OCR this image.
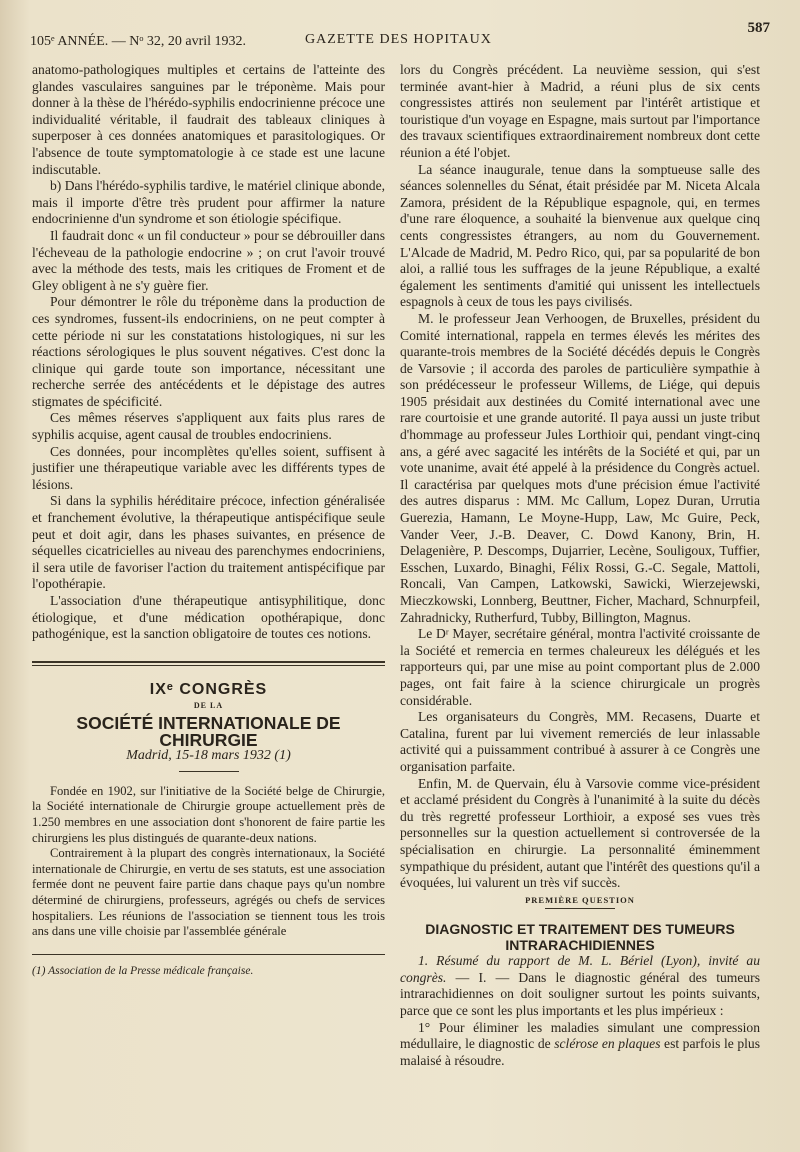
105ᵉ ANNÉE. — Nᵒ 32, 20 avril 1932.	GAZETTE DES HOPITAUX
587

anatomo-pathologiques multiples et certains de l'atteinte des glandes vasculaires sanguines par le tréponème. Mais pour donner à la thèse de l'hérédo-syphilis endocrinienne précoce une individualité véritable, il faudrait des tableaux cliniques à superposer à ces données anatomiques et parasitologiques. Or l'absence de toute symptomatologie à ce stade est une lacune indiscutable.

b) Dans l'hérédo-syphilis tardive, le matériel clinique abonde, mais il importe d'être très prudent pour affirmer la nature endocrinienne d'un syndrome et son étiologie spécifique.

Il faudrait donc « un fil conducteur » pour se débrouiller dans l'écheveau de la pathologie endocrine » ; on crut l'avoir trouvé avec la méthode des tests, mais les critiques de Froment et de Gley obligent à ne s'y guère fier.

Pour démontrer le rôle du tréponème dans la production de ces syndromes, fussent-ils endocriniens, on ne peut compter à cette période ni sur les constatations histologiques, ni sur les réactions sérologiques le plus souvent négatives. C'est donc la clinique qui garde toute son importance, nécessitant une recherche serrée des antécédents et le dépistage des autres stigmates de spécificité.

Ces mêmes réserves s'appliquent aux faits plus rares de syphilis acquise, agent causal de troubles endocriniens.

Ces données, pour incomplètes qu'elles soient, suffisent à justifier une thérapeutique variable avec les différents types de lésions.

Si dans la syphilis héréditaire précoce, infection généralisée et franchement évolutive, la thérapeutique antispécifique seule peut et doit agir, dans les phases suivantes, en présence de séquelles cicatricielles au niveau des parenchymes endocriniens, il sera utile de favoriser l'action du traitement antispécifique par l'opothérapie.

L'association d'une thérapeutique antisyphilitique, donc étiologique, et d'une médication opothérapique, donc pathogénique, est la sanction obligatoire de toutes ces notions.

IXᵉ CONGRÈS

DE LA

SOCIÉTÉ INTERNATIONALE DE CHIRURGIE

Madrid, 15-18 mars 1932 (1)

Fondée en 1902, sur l'initiative de la Société belge de Chirurgie, la Société internationale de Chirurgie groupe actuellement près de 1.250 membres en une association dont s'honorent de faire partie les chirurgiens les plus distingués de quarante-deux nations.

Contrairement à la plupart des congrès internationaux, la Société internationale de Chirurgie, en vertu de ses statuts, est une association fermée dont ne peuvent faire partie dans chaque pays qu'un nombre déterminé de chirurgiens, professeurs, agrégés ou chefs de services hospitaliers. Les réunions de l'association se tiennent tous les trois ans dans une ville choisie par l'assemblée générale

(1) Association de la Presse médicale française.

lors du Congrès précédent. La neuvième session, qui s'est terminée avant-hier à Madrid, a réuni plus de six cents congressistes attirés non seulement par l'intérêt artistique et touristique d'un voyage en Espagne, mais surtout par l'importance des travaux scientifiques extraordinairement nombreux dont cette réunion a été l'objet.

La séance inaugurale, tenue dans la somptueuse salle des séances solennelles du Sénat, était présidée par M. Niceta Alcala Zamora, président de la République espagnole, qui, en termes d'une rare éloquence, a souhaité la bienvenue aux quelque cinq cents congressistes étrangers, au nom du Gouvernement. L'Alcade de Madrid, M. Pedro Rico, qui, par sa popularité de bon aloi, a rallié tous les suffrages de la jeune République, a exalté également les sentiments d'amitié qui unissent les intellectuels espagnols à ceux de tous les pays civilisés.

M. le professeur Jean Verhoogen, de Bruxelles, président du Comité international, rappela en termes élevés les mérites des quarante-trois membres de la Société décédés depuis le Congrès de Varsovie ; il accorda des paroles de particulière sympathie à son prédécesseur le professeur Willems, de Liége, qui depuis 1905 présidait aux destinées du Comité international avec une rare courtoisie et une grande autorité. Il paya aussi un juste tribut d'hommage au professeur Jules Lorthioir qui, pendant vingt-cinq ans, a géré avec sagacité les intérêts de la Société et qui, par un vote unanime, avait été appelé à la présidence du Congrès actuel. Il caractérisa par quelques mots d'une précision émue l'activité des autres disparus : MM. Mc Callum, Lopez Duran, Urrutia Guerezia, Hamann, Le Moyne-Hupp, Law, Mc Guire, Peck, Vander Veer, J.-B. Deaver, C. Dowd Kanony, Brin, H. Delagenière, P. Descomps, Dujarrier, Lecène, Souligoux, Tuffier, Esschen, Luxardo, Binaghi, Félix Rossi, G.-C. Segale, Mattoli, Roncali, Van Campen, Latkowski, Sawicki, Wierzejewski, Mieczkowski, Lonnberg, Beuttner, Ficher, Machard, Schnurpfeil, Zahradnicky, Rutherfurd, Tubby, Billington, Magnus.

Le Dʳ Mayer, secrétaire général, montra l'activité croissante de la Société et remercia en termes chaleureux les délégués et les rapporteurs qui, par une mise au point comportant plus de 2.000 pages, ont fait faire à la science chirurgicale un progrès considérable.

Les organisateurs du Congrès, MM. Recasens, Duarte et Catalina, furent par lui vivement remerciés de leur inlassable activité qui a puissamment contribué à assurer à ce Congrès une organisation parfaite.

Enfin, M. de Quervain, élu à Varsovie comme vice-président et acclamé président du Congrès à l'unanimité à la suite du décès du très regretté professeur Lorthioir, a exposé ses vues très personnelles sur la question actuellement si controversée de la spécialisation en chirurgie. La personnalité éminemment sympathique du président, autant que l'intérêt des questions qu'il a évoquées, lui valurent un très vif succès.

PREMIÈRE QUESTION

DIAGNOSTIC ET TRAITEMENT DES TUMEURS INTRARACHIDIENNES

1. Résumé du rapport de M. L. Bériel (Lyon), invité au congrès. — I. — Dans le diagnostic général des tumeurs intrarachidiennes on doit souligner surtout les points suivants, parce que ce sont les plus importants et les plus impérieux :

1° Pour éliminer les maladies simulant une compression médullaire, le diagnostic de sclérose en plaques est parfois le plus malaisé à résoudre.
